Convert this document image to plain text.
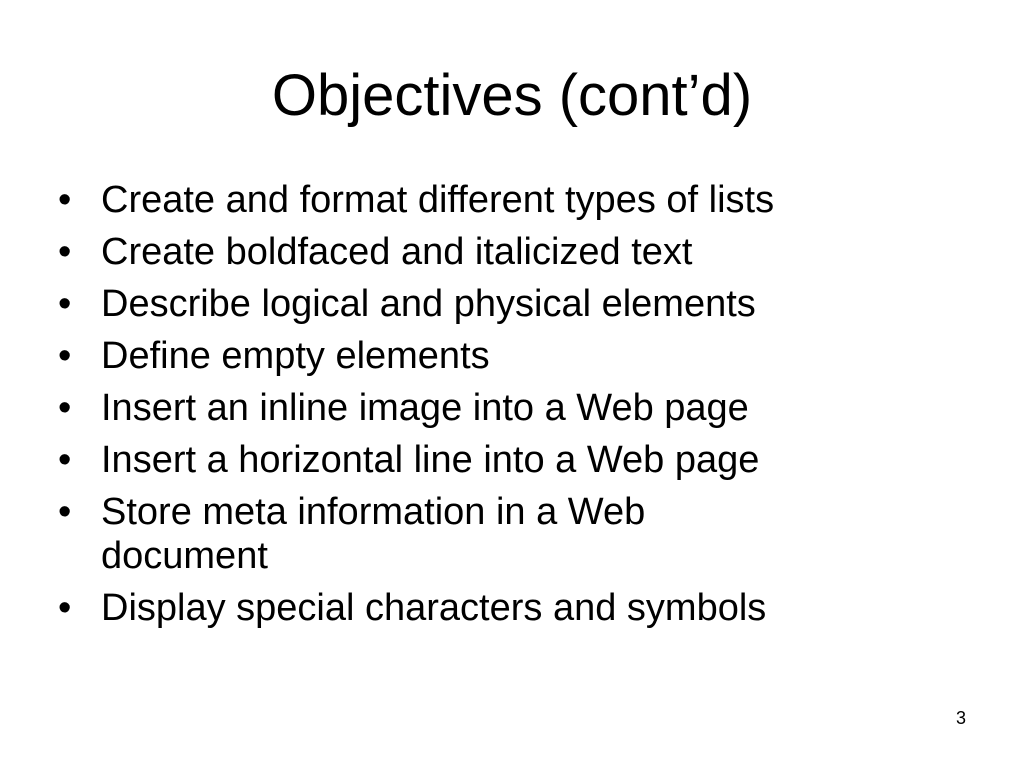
Objectives (cont’d)
• Create and format different types of lists
• Create boldfaced and italicized text
• Describe logical and physical elements
• Define empty elements
• Insert an inline image into a Web page
• Insert a horizontal line into a Web page
• Store meta information in a Web document
• Display special characters and symbols
3
